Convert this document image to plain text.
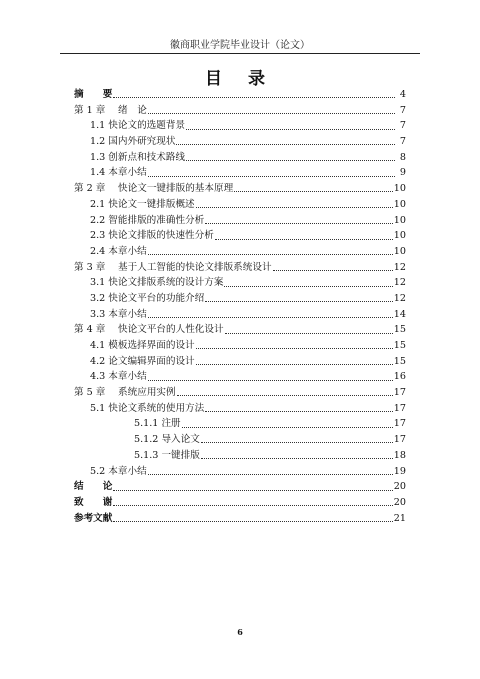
徽商职业学院毕业设计（论文）
目 录
摘　　要	4
第 1 章　 绪　论	7
1.1 快论文的选题背景	7
1.2 国内外研究现状	7
1.3 创新点和技术路线	8
1.4 本章小结	9
第 2 章　 快论文一键排版的基本原理	10
2.1 快论文一键排版概述	10
2.2 智能排版的准确性分析	10
2.3 快论文排版的快速性分析	10
2.4 本章小结	10
第 3 章　 基于人工智能的快论文排版系统设计	12
3.1 快论文排版系统的设计方案	12
3.2 快论文平台的功能介绍	12
3.3 本章小结	14
第 4 章　 快论文平台的人性化设计	15
4.1 模板选择界面的设计	15
4.2 论文编辑界面的设计	15
4.3 本章小结	16
第 5 章　 系统应用实例	17
5.1 快论文系统的使用方法	17
5.1.1 注册	17
5.1.2 导入论文	17
5.1.3 一键排版	18
5.2 本章小结	19
结　　论	20
致　　谢	20
参考文献	21
6
